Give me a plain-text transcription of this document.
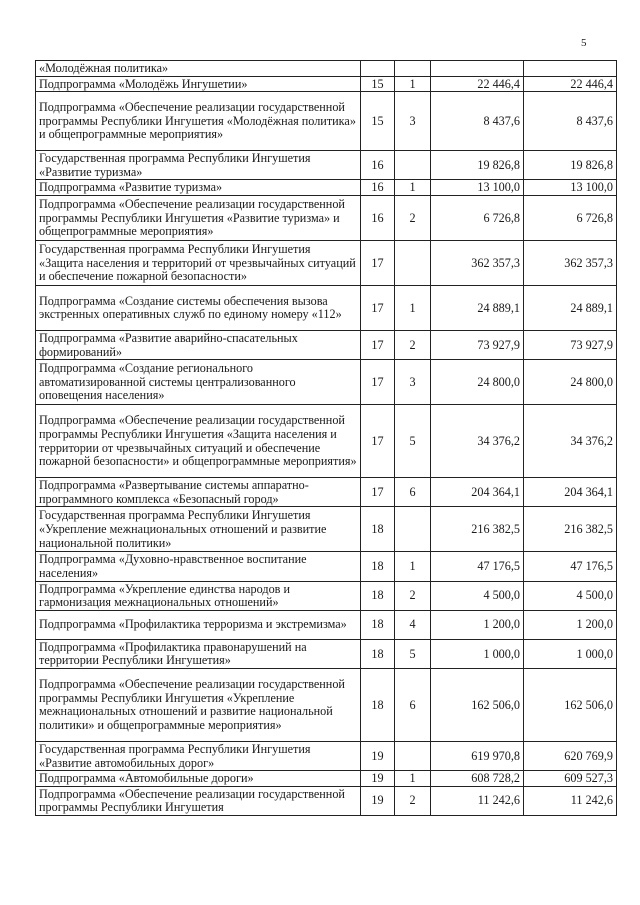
5
«Молодёжная политика»				
Подпрограмма «Молодёжь Ингушетии»	15	1	22 446,4	22 446,4
Подпрограмма «Обеспечение реализации государственной программы Республики Ингушетия «Молодёжная политика» и общепрограммные мероприятия»	15	3	8 437,6	8 437,6
Государственная программа Республики Ингушетия «Развитие туризма»	16		19 826,8	19 826,8
Подпрограмма «Развитие туризма»	16	1	13 100,0	13 100,0
Подпрограмма «Обеспечение реализации государственной программы Республики Ингушетия «Развитие туризма» и общепрограммные мероприятия»	16	2	6 726,8	6 726,8
Государственная программа Республики Ингушетия «Защита населения и территорий от чрезвычайных ситуаций и обеспечение пожарной безопасности»	17		362 357,3	362 357,3
Подпрограмма «Создание системы обеспечения вызова экстренных оперативных служб по единому номеру «112»	17	1	24 889,1	24 889,1
Подпрограмма «Развитие аварийно-спасательных формирований»	17	2	73 927,9	73 927,9
Подпрограмма «Создание регионального автоматизированной системы централизованного оповещения населения»	17	3	24 800,0	24 800,0
Подпрограмма «Обеспечение реализации государственной программы Республики Ингушетия «Защита населения и территории от чрезвычайных ситуаций и обеспечение пожарной безопасности» и общепрограммные мероприятия»	17	5	34 376,2	34 376,2
Подпрограмма «Развертывание системы аппаратно-программного комплекса «Безопасный город»	17	6	204 364,1	204 364,1
Государственная программа Республики Ингушетия «Укрепление межнациональных отношений и развитие национальной политики»	18		216 382,5	216 382,5
Подпрограмма «Духовно-нравственное воспитание населения»	18	1	47 176,5	47 176,5
Подпрограмма «Укрепление единства народов и гармонизация межнациональных отношений»	18	2	4 500,0	4 500,0
Подпрограмма «Профилактика терроризма и экстремизма»	18	4	1 200,0	1 200,0
Подпрограмма «Профилактика правонарушений на территории Республики Ингушетия»	18	5	1 000,0	1 000,0
Подпрограмма «Обеспечение реализации государственной программы Республики Ингушетия «Укрепление межнациональных отношений и развитие национальной политики» и общепрограммные мероприятия»	18	6	162 506,0	162 506,0
Государственная программа Республики Ингушетия «Развитие автомобильных дорог»	19		619 970,8	620 769,9
Подпрограмма «Автомобильные дороги»	19	1	608 728,2	609 527,3
Подпрограмма «Обеспечение реализации государственной программы Республики Ингушетия	19	2	11 242,6	11 242,6
